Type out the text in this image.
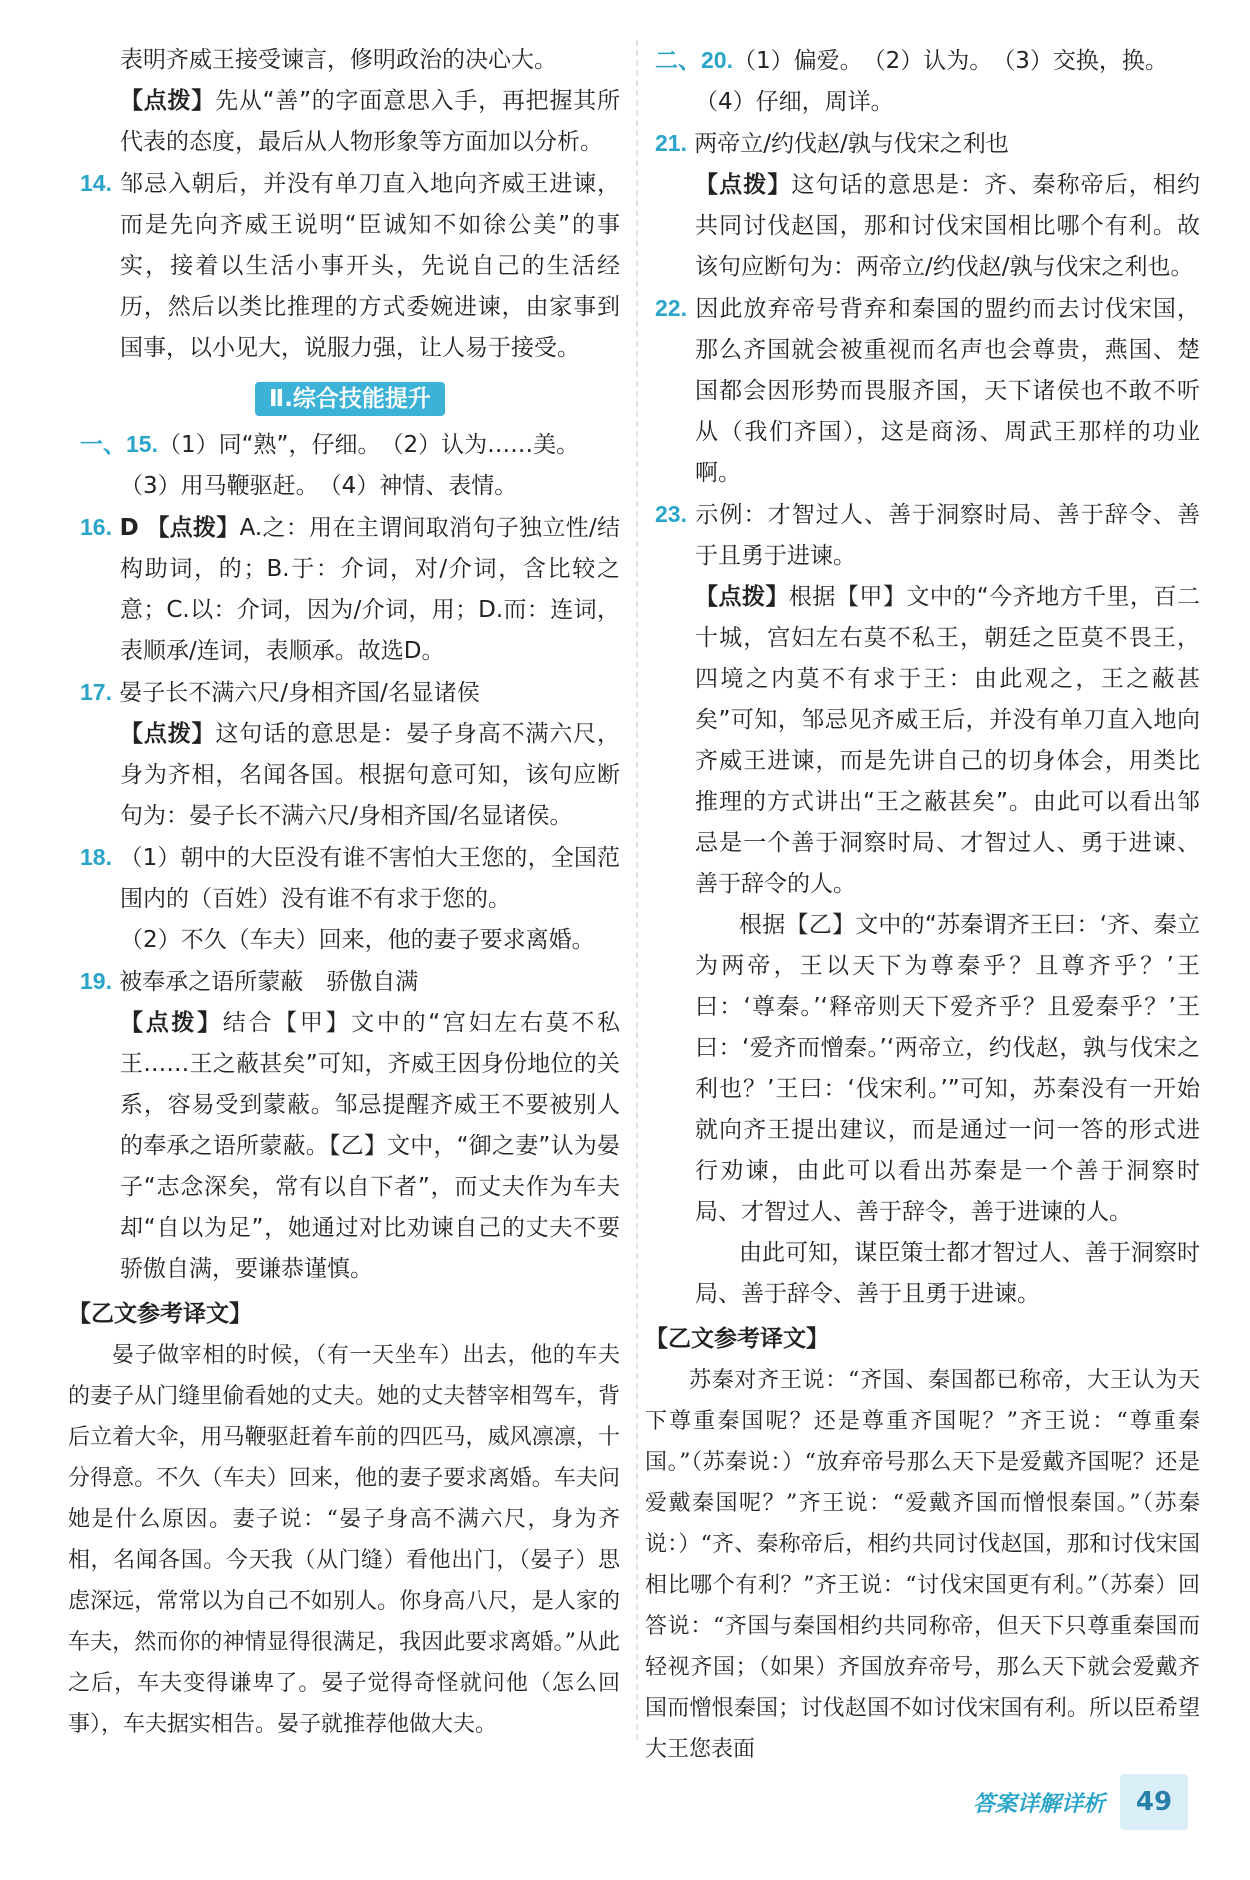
表明齐威王接受谏言，修明政治的决心大。

【点拨】先从“善”的字面意思入手，再把握其所代表的态度，最后从人物形象等方面加以分析。

14. 邹忌入朝后，并没有单刀直入地向齐威王进谏，而是先向齐威王说明“臣诚知不如徐公美”的事实，接着以生活小事开头，先说自己的生活经历，然后以类比推理的方式委婉进谏，由家事到国事，以小见大，说服力强，让人易于接受。

Ⅱ.综合技能提升

一、15.（1）同“熟”，仔细。　（2）认为……美。

（3）用马鞭驱赶。　（4）神情、表情。

16. D 【点拨】A.之：用在主谓间取消句子独立性/结构助词，的；B.于：介词，对/介词，含比较之意；C.以：介词，因为/介词，用；D.而：连词，表顺承/连词，表顺承。故选D。

17. 晏子长不满六尺/身相齐国/名显诸侯

【点拨】这句话的意思是：晏子身高不满六尺，身为齐相，名闻各国。根据句意可知，该句应断句为：晏子长不满六尺/身相齐国/名显诸侯。

18. （1）朝中的大臣没有谁不害怕大王您的，全国范围内的（百姓）没有谁不有求于您的。

（2）不久（车夫）回来，他的妻子要求离婚。

19. 被奉承之语所蒙蔽　骄傲自满

【点拨】结合【甲】文中的“宫妇左右莫不私王……王之蔽甚矣”可知，齐威王因身份地位的关系，容易受到蒙蔽。邹忌提醒齐威王不要被别人的奉承之语所蒙蔽。【乙】文中，“御之妻”认为晏子“志念深矣，常有以自下者”，而丈夫作为车夫却“自以为足”，她通过对比劝谏自己的丈夫不要骄傲自满，要谦恭谨慎。

【乙文参考译文】

晏子做宰相的时候，（有一天坐车）出去，他的车夫的妻子从门缝里偷看她的丈夫。她的丈夫替宰相驾车，背后立着大伞，用马鞭驱赶着车前的四匹马，威风凛凛，十分得意。不久（车夫）回来，他的妻子要求离婚。车夫问她是什么原因。妻子说：“晏子身高不满六尺，身为齐相，名闻各国。今天我（从门缝）看他出门，（晏子）思虑深远，常常以为自己不如别人。你身高八尺，是人家的车夫，然而你的神情显得很满足，我因此要求离婚。”从此之后，车夫变得谦卑了。晏子觉得奇怪就问他（怎么回事），车夫据实相告。晏子就推荐他做大夫。

二、20.（1）偏爱。　（2）认为。　（3）交换，换。

（4）仔细，周详。

21. 两帝立/约伐赵/孰与伐宋之利也

【点拨】这句话的意思是：齐、秦称帝后，相约共同讨伐赵国，那和讨伐宋国相比哪个有利。故该句应断句为：两帝立/约伐赵/孰与伐宋之利也。

22. 因此放弃帝号背弃和秦国的盟约而去讨伐宋国，那么齐国就会被重视而名声也会尊贵，燕国、楚国都会因形势而畏服齐国，天下诸侯也不敢不听从（我们齐国），这是商汤、周武王那样的功业啊。

23. 示例：才智过人、善于洞察时局、善于辞令、善于且勇于进谏。

【点拨】根据【甲】文中的“今齐地方千里，百二十城，宫妇左右莫不私王，朝廷之臣莫不畏王，四境之内莫不有求于王：由此观之，王之蔽甚矣”可知，邹忌见齐威王后，并没有单刀直入地向齐威王进谏，而是先讲自己的切身体会，用类比推理的方式讲出“王之蔽甚矣”。由此可以看出邹忌是一个善于洞察时局、才智过人、勇于进谏、善于辞令的人。

根据【乙】文中的“苏秦谓齐王曰：‘齐、秦立为两帝，王以天下为尊秦乎？且尊齐乎？’王曰：‘尊秦。’‘释帝则天下爱齐乎？且爱秦乎？’王曰：‘爱齐而憎秦。’‘两帝立，约伐赵，孰与伐宋之利也？’王曰：‘伐宋利。’”可知，苏秦没有一开始就向齐王提出建议，而是通过一问一答的形式进行劝谏，由此可以看出苏秦是一个善于洞察时局、才智过人、善于辞令，善于进谏的人。

由此可知，谋臣策士都才智过人、善于洞察时局、善于辞令、善于且勇于进谏。

【乙文参考译文】

苏秦对齐王说：“齐国、秦国都已称帝，大王认为天下尊重秦国呢？还是尊重齐国呢？”齐王说：“尊重秦国。”（苏秦说：）“放弃帝号那么天下是爱戴齐国呢？还是爱戴秦国呢？”齐王说：“爱戴齐国而憎恨秦国。”（苏秦说：）“齐、秦称帝后，相约共同讨伐赵国，那和讨伐宋国相比哪个有利？”齐王说：“讨伐宋国更有利。”（苏秦）回答说：“齐国与秦国相约共同称帝，但天下只尊重秦国而轻视齐国；（如果）齐国放弃帝号，那么天下就会爱戴齐国而憎恨秦国；讨伐赵国不如讨伐宋国有利。所以臣希望大王您表面

答案详解详析	49
